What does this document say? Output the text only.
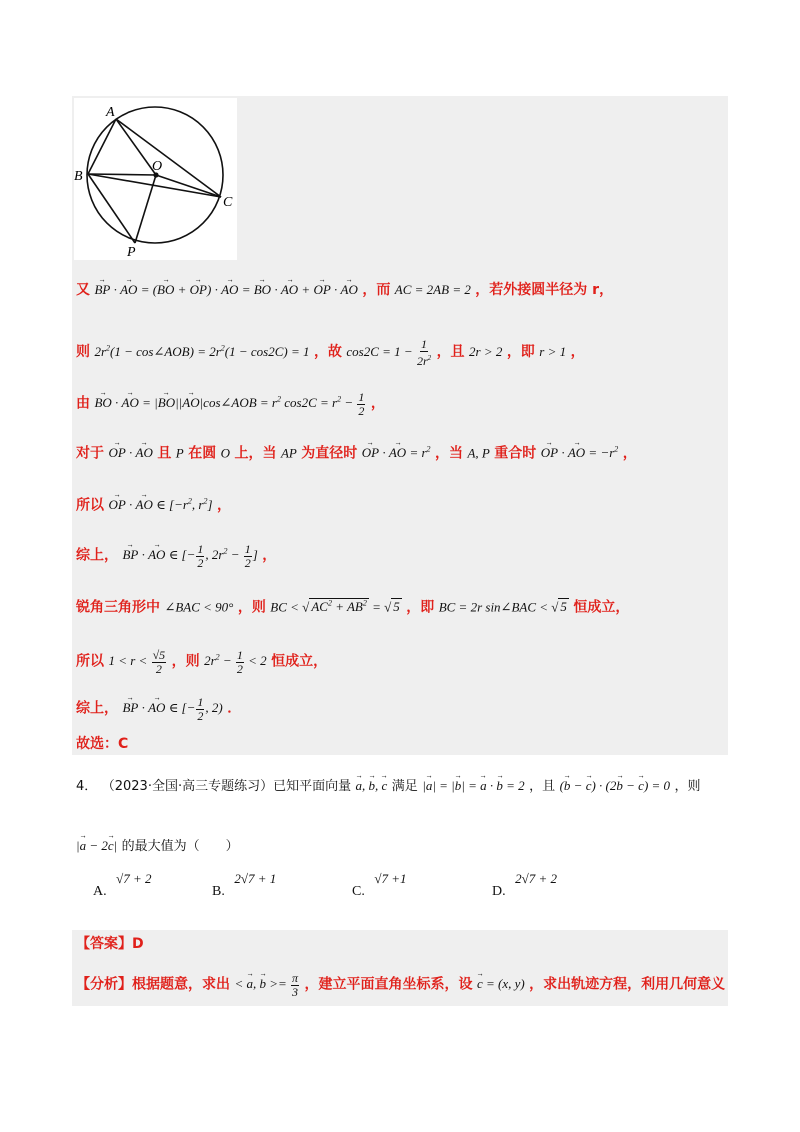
A
B
C
O
P
又 → BP · → AO = (→ BO + → OP) · → AO = → BO · → AO + → OP · → AO ，而 AC = 2AB = 2 ，若外接圆半径为 r，
则 $2r^2(1$ − cos∠AOB) = $2r^2(1 - \cos 2C) = 1$ ，故 $\cos 2C = 1 - \frac{1}{2r^2}$ ，且 2r > 2 ，即 r > 1 ，
由 → BO · → AO = |→ BO||→ AO|cos∠AOB = $r^2$ $\cos 2C = r^2 - \frac{1}{2}$ ，
对于 → OP · → AO 且 P 在圆 O 上，当 AP 为直径时 → OP · → AO = $r^2$ ，当 A, P 重合时 → OP · → AO = $-r^2$ ，
所以 → OP · → AO ∈ [$-r^2$, $r^2$] ，
综上， → BP · → AO ∈ [− $\frac{1}{2}$ , $2r^2 - \frac{1}{2}$ ] ，
锐角三角形中 ∠BAC < 90° ，则 BC < √ $AC^2 + AB^2$ = √ 5 ，即 BC = 2r sin∠BAC < √ 5 恒成立，
所以 $1 < r < \frac{√5}{2}$ ，则 $2r^2 - \frac{1}{2} < 2$ 恒成立，
综上， → BP · → AO ∈ [− $\frac{1}{2}$ , 2) ．
故选：C
4． （2023·全国·高三专题练习）已知平面向量 → a, → b, → c 满足 |→ a| = |→ b| = → a · → b = 2 ，且 (→ b − → c) · (2→ b − → c) = 0 ，则
|→ a − 2→ c| 的最大值为（　　）
A. √7 + 2
B. 2√7 + 1
C. √7 +1
D. 2√7 + 2
【答案】D
【分析】根据题意，求出 < → a, → $b >= \frac{\pi}{3}$ ，建立平面直角坐标系，设 → c = (x, y) ，求出轨迹方程，利用几何意义
